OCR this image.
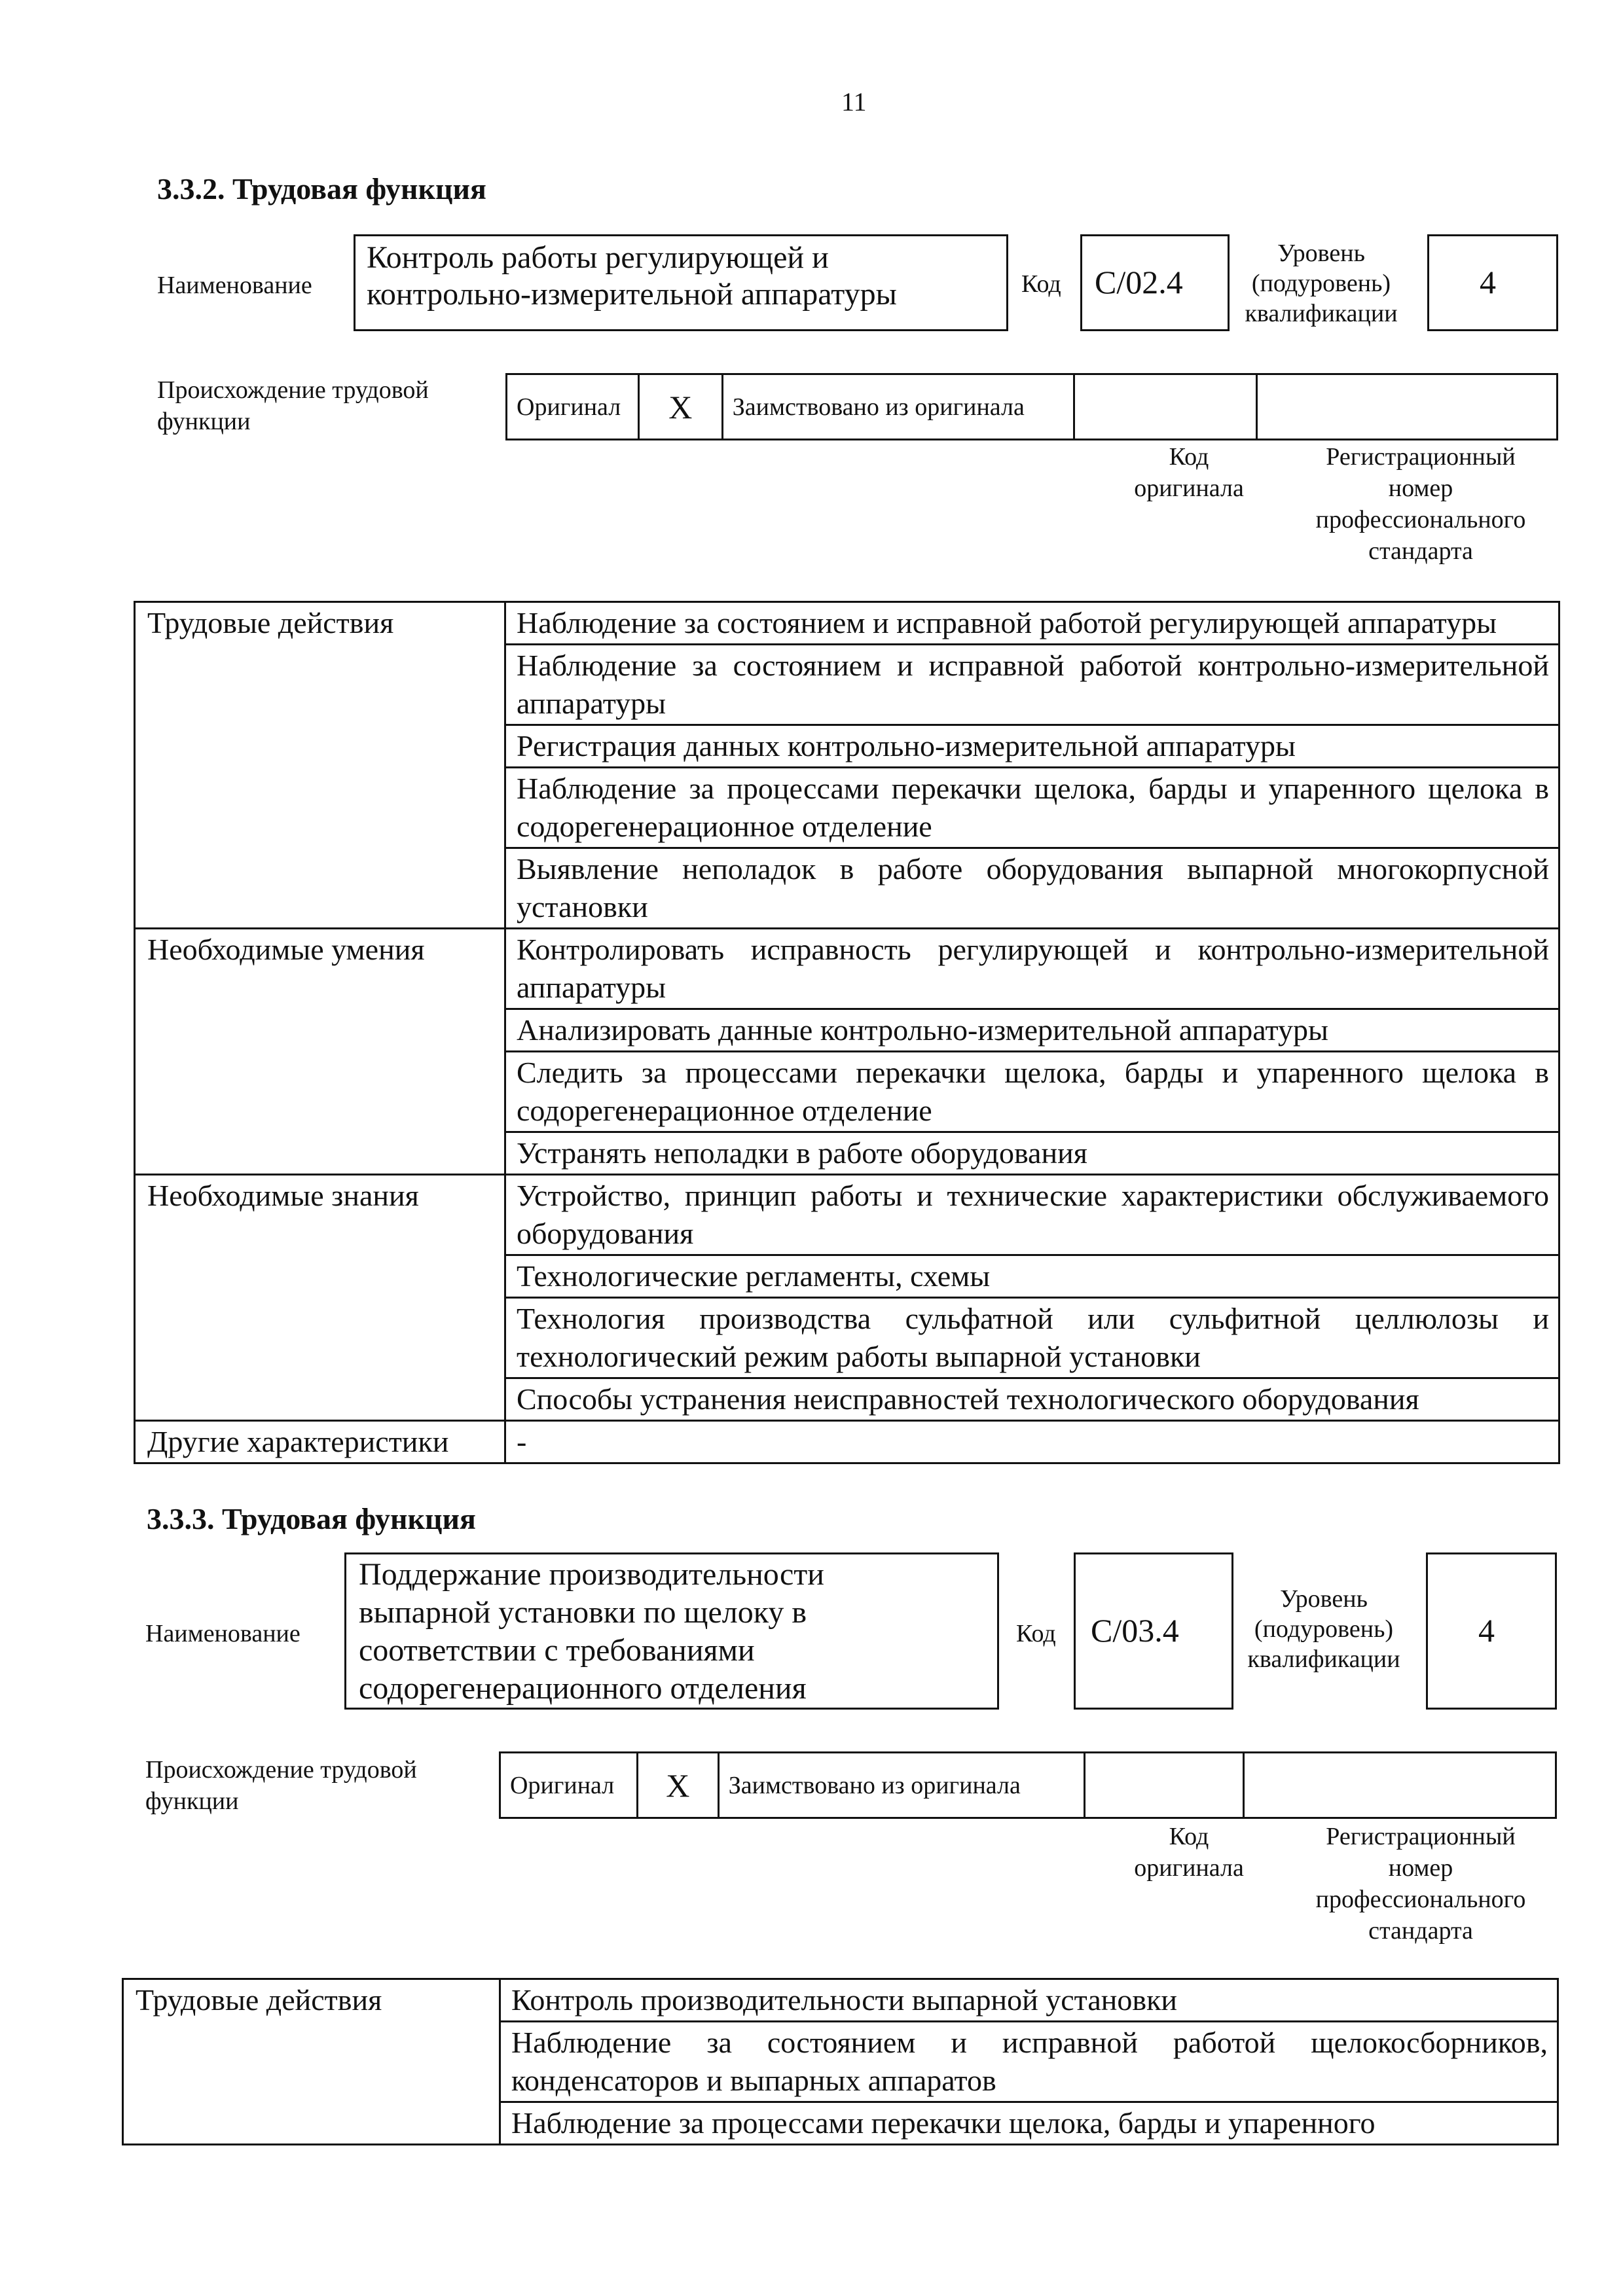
11
3.3.2. Трудовая функция
Наименование
Контроль работы регулирующей и
контрольно-измерительной аппаратуры	Код C/02.4
Уровень
(подуровень)
квалификации
4
Происхождение трудовой
функции
Оригинал	X	Заимствовано из оригинала		
Код
оригинала
Регистрационный
номер
профессионального
стандарта
Трудовые действия	Наблюдение за состоянием и исправной работой регулирующей аппаратуры
	Наблюдение за состоянием и исправной работой контрольно-измерительной аппаратуры
	Регистрация данных контрольно-измерительной аппаратуры
	Наблюдение за процессами перекачки щелока, барды и упаренного щелока в содорегенерационное отделение
	Выявление неполадок в работе оборудования выпарной многокорпусной установки
Необходимые умения	Контролировать исправность регулирующей и контрольно-измерительной аппаратуры
	Анализировать данные контрольно-измерительной аппаратуры
	Следить за процессами перекачки щелока, барды и упаренного щелока в содорегенерационное отделение
	Устранять неполадки в работе оборудования
Необходимые знания	Устройство, принцип работы и технические характеристики обслуживаемого оборудования
	Технологические регламенты, схемы
	Технология производства сульфатной или сульфитной целлюлозы и технологический режим работы выпарной установки
	Способы устранения неисправностей технологического оборудования
Другие характеристики	-
3.3.3. Трудовая функция
Наименование
Поддержание производительности
выпарной установки по щелоку в
соответствии с требованиями
содорегенерационного отделения
Код C/03.4
Уровень
(подуровень)
квалификации
4
Происхождение трудовой
функции
Оригинал	X	Заимствовано из оригинала		
Код
оригинала
Регистрационный
номер
профессионального
стандарта
Трудовые действия	Контроль производительности выпарной установки
Наблюдение за состоянием и исправной работой щелокосборников, конденсаторов и выпарных аппаратов
Наблюдение за процессами перекачки щелока, барды и упаренного
